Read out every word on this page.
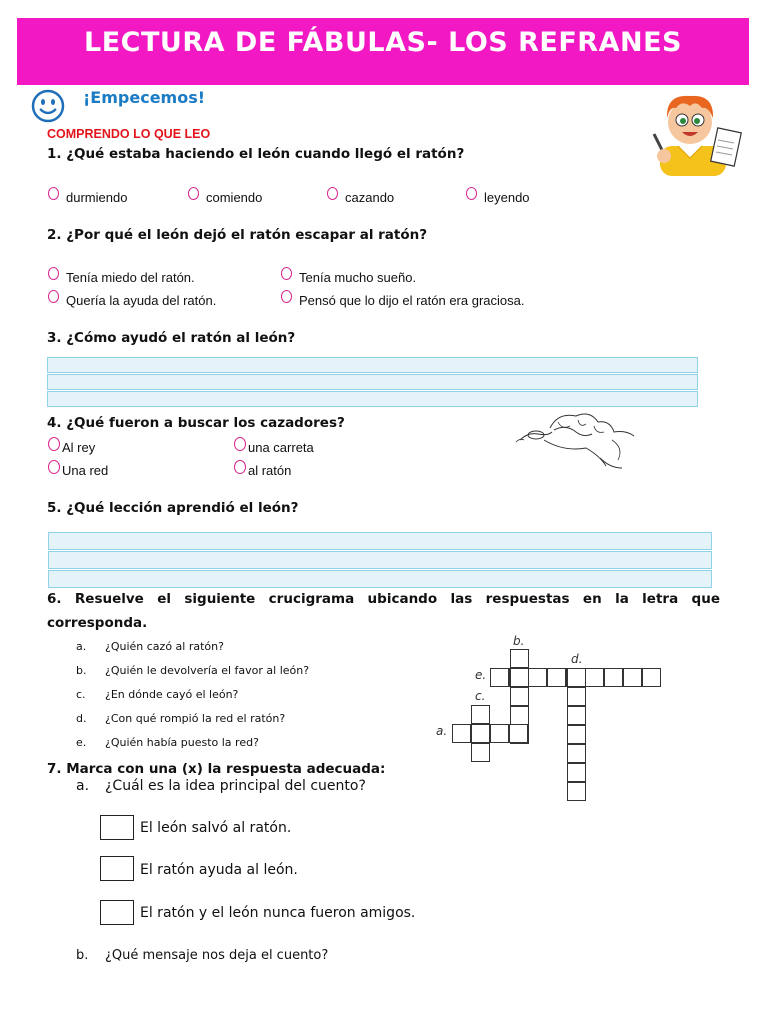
LECTURA DE FÁBULAS- LOS REFRANES
¡Empecemos!
COMPRENDO LO QUE LEO
1. ¿Qué estaba haciendo el león cuando llegó el ratón?
durmiendo	comiendo	cazando	leyendo
2. ¿Por qué el león dejó el ratón escapar al ratón?
Tenía miedo del ratón.	Tenía mucho sueño.
Quería la ayuda del ratón.	Pensó que lo dijo el ratón era graciosa.
3. ¿Cómo ayudó el ratón al león?
4. ¿Qué fueron a buscar los cazadores?
Al rey	una carreta
Una red	al ratón
5. ¿Qué lección aprendió el león?
6. Resuelve el siguiente crucigrama ubicando las respuestas en la letra que
corresponda.
a. ¿Quién cazó al ratón?
b. ¿Quién le devolvería el favor al león?
c. ¿En dónde cayó el león?
d. ¿Con qué rompió la red el ratón?
e. ¿Quién había puesto la red?
b.
d.
e.
c.
a.
7. Marca con una (x) la respuesta adecuada:
a. ¿Cuál es la idea principal del cuento?
El león salvó al ratón.
El ratón ayuda al león.
El ratón y el león nunca fueron amigos.
b. ¿Qué mensaje nos deja el cuento?
